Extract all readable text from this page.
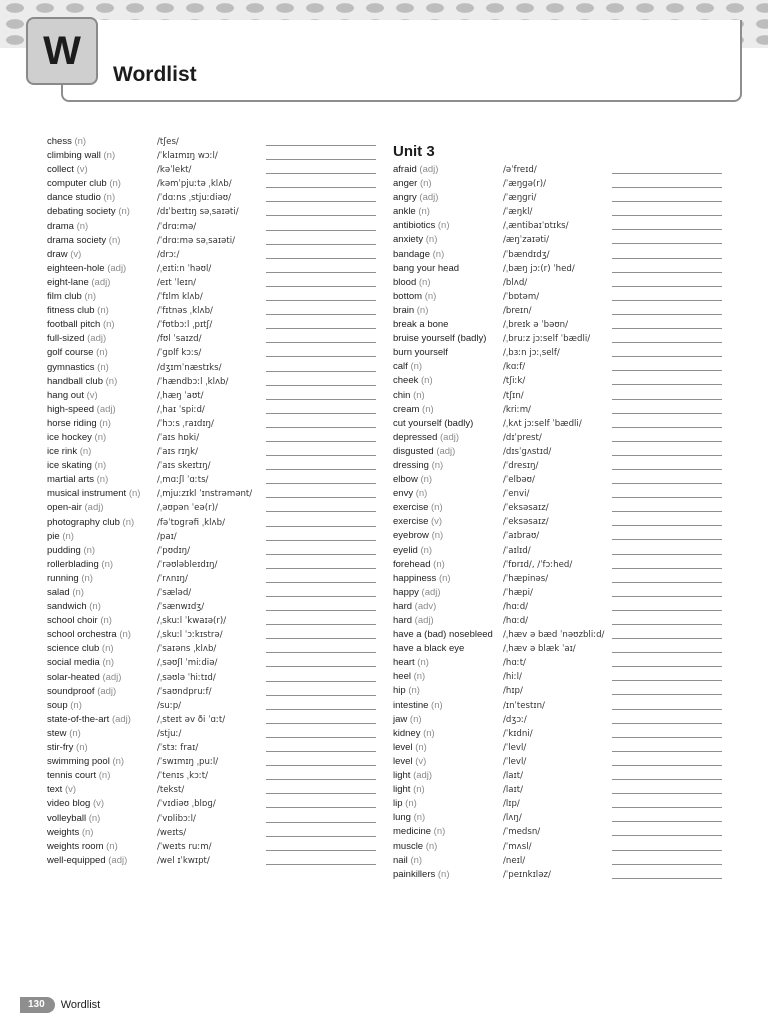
W
Wordlist
chess (n)	/tʃes/
climbing wall (n)	/ˈklaɪmɪŋ wɔːl/
collect (v)	/kəˈlekt/
computer club (n)	/kəmˈpjuːtə ˌklʌb/
dance studio (n)	/ˈdɑːns ˌstjuːdiəʊ/
debating society (n)	/dɪˈbeɪtɪŋ səˌsaɪəti/
drama (n)	/ˈdrɑːmə/
drama society (n)	/ˈdrɑːmə səˌsaɪəti/
draw (v)	/drɔː/
eighteen-hole (adj)	/ˌeɪtiːn ˈhəʊl/
eight-lane (adj)	/eɪt ˈleɪn/
film club (n)	/ˈfɪlm klʌb/
fitness club (n)	/ˈfɪtnəs ˌklʌb/
football pitch (n)	/ˈfʊtbɔːl ˌpɪtʃ/
full-sized (adj)	/fʊl ˈsaɪzd/
golf course (n)	/ˈɡɒlf kɔːs/
gymnastics (n)	/dʒɪmˈnæstɪks/
handball club (n)	/ˈhændbɔːl ˌklʌb/
hang out (v)	/ˌhæŋ ˈaʊt/
high-speed (adj)	/ˌhaɪ ˈspiːd/
horse riding (n)	/ˈhɔːs ˌraɪdɪŋ/
ice hockey (n)	/ˈaɪs hɒki/
ice rink (n)	/ˈaɪs rɪŋk/
ice skating (n)	/ˈaɪs skeɪtɪŋ/
martial arts (n)	/ˌmɑːʃl ˈɑːts/
musical instrument (n) /ˌmjuːzɪkl ˈɪnstrəmənt/
open-air (adj)	/ˌəʊpən ˈeə(r)/
photography club (n)	/fəˈtɒɡrəfi ˌklʌb/
pie (n)	/paɪ/
pudding (n)	/ˈpʊdɪŋ/
rollerblading (n)	/ˈrəʊləbleɪdɪŋ/
running (n)	/ˈrʌnɪŋ/
salad (n)	/ˈsæləd/
sandwich (n)	/ˈsænwɪdʒ/
school choir (n)	/ˌskuːl ˈkwaɪə(r)/
school orchestra (n)	/ˌskuːl ˈɔːkɪstrə/
science club (n)	/ˈsaɪəns ˌklʌb/
social media (n)	/ˌsəʊʃl ˈmiːdiə/
solar-heated (adj)	/ˌsəʊlə ˈhiːtɪd/
soundproof (adj)	/ˈsaʊndpruːf/
soup (n)	/suːp/
state-of-the-art (adj)	/ˌsteɪt əv ði ˈɑːt/
stew (n)	/stjuː/
stir-fry (n)	/ˈstɜː fraɪ/
swimming pool (n)	/ˈswɪmɪŋ ˌpuːl/
tennis court (n)	/ˈtenɪs ˌkɔːt/
text (v)	/tekst/
video blog (v)	/ˈvɪdiəʊ ˌblɒɡ/
volleyball (n)	/ˈvɒlibɔːl/
weights (n)	/weɪts/
weights room (n)	/ˈweɪts ruːm/
well-equipped (adj)	/wel ɪˈkwɪpt/
Unit 3
afraid (adj)	/əˈfreɪd/
anger (n)	/ˈæŋɡə(r)/
angry (adj)	/ˈæŋɡri/
ankle (n)	/ˈæŋkl/
antibiotics (n)	/ˌæntibaɪˈɒtɪks/
anxiety (n)	/æŋˈzaɪəti/
bandage (n)	/ˈbændɪdʒ/
bang your head	/ˌbæŋ jɔː(r) ˈhed/
blood (n)	/blʌd/
bottom (n)	/ˈbɒtəm/
brain (n)	/breɪn/
break a bone	/ˌbreɪk ə ˈbəʊn/
bruise yourself (badly) /ˌbruːz jɔːself ˈbædli/
burn yourself	/ˌbɜːn jɔːˌself/
calf (n)	/kɑːf/
cheek (n)	/tʃiːk/
chin (n)	/tʃɪn/
cream (n)	/kriːm/
cut yourself (badly)	/ˌkʌt jɔːself ˈbædli/
depressed (adj)	/dɪˈprest/
disgusted (adj)	/dɪsˈɡʌstɪd/
dressing (n)	/ˈdresɪŋ/
elbow (n)	/ˈelbəʊ/
envy (n)	/ˈenvi/
exercise (n)	/ˈeksəsaɪz/
exercise (v)	/ˈeksəsaɪz/
eyebrow (n)	/ˈaɪbraʊ/
eyelid (n)	/ˈaɪlɪd/
forehead (n)	/ˈfɒrɪd/, /ˈfɔːhed/
happiness (n)	/ˈhæpinəs/
happy (adj)	/ˈhæpi/
hard (adv)	/hɑːd/
hard (adj)	/hɑːd/
have a (bad) nosebleed /ˌhæv ə bæd ˈnəʊzbliːd/
have a black eye	/ˌhæv ə blæk ˈaɪ/
heart (n)	/hɑːt/
heel (n)	/hiːl/
hip (n)	/hɪp/
intestine (n)	/ɪnˈtestɪn/
jaw (n)	/dʒɔː/
kidney (n)	/ˈkɪdni/
level (n)	/ˈlevl/
level (v)	/ˈlevl/
light (adj)	/laɪt/
light (n)	/laɪt/
lip (n)	/lɪp/
lung (n)	/lʌŋ/
medicine (n)	/ˈmedsn/
muscle (n)	/ˈmʌsl/
nail (n)	/neɪl/
painkillers (n)	/ˈpeɪnkɪləz/
130	Wordlist
